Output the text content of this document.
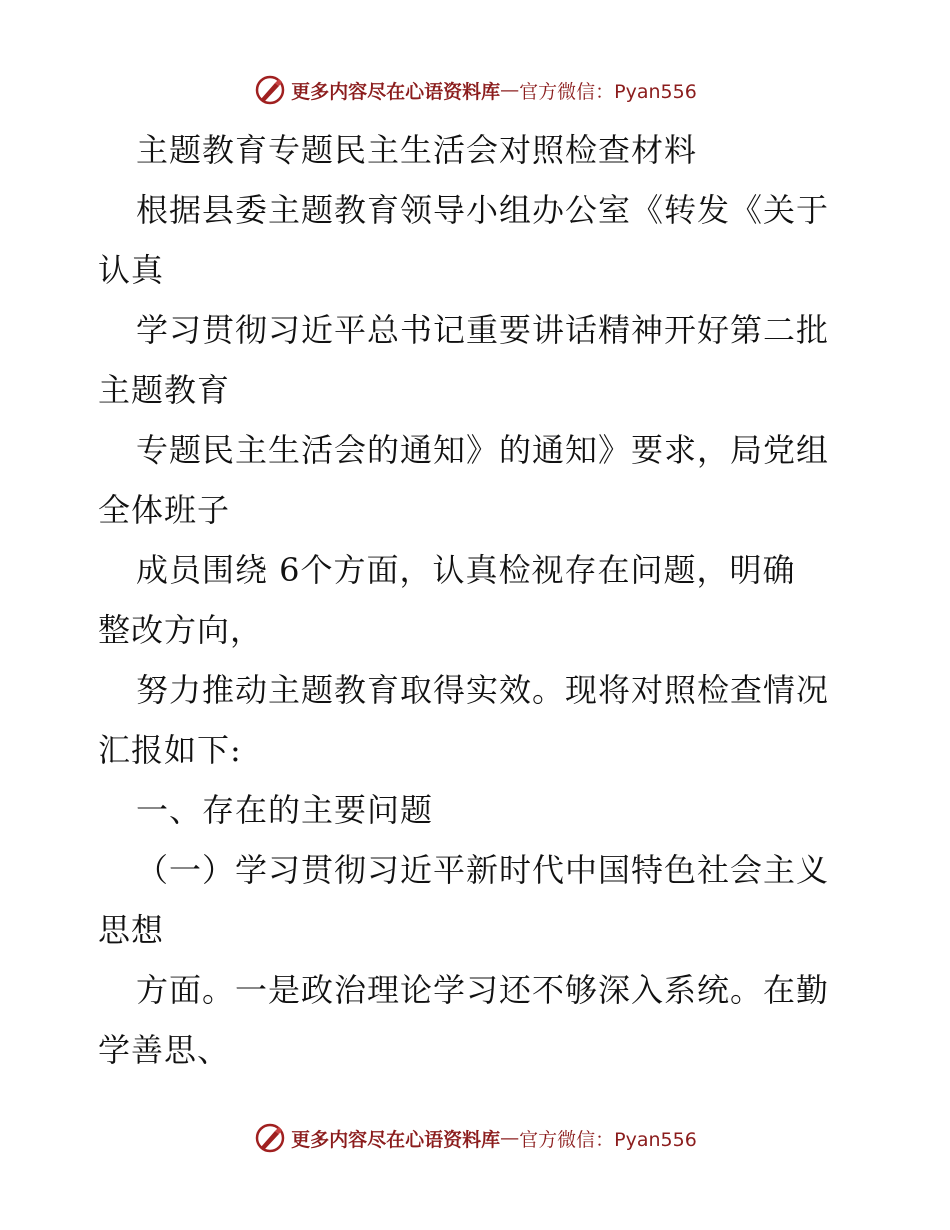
更多内容尽在心语资料库 — 官方微信：Pyan556
主题教育专题民主生活会对照检查材料
根据县委主题教育领导小组办公室《转发《关于
认真
学习贯彻习近平总书记重要讲话精神开好第二批
主题教育
专题民主生活会的通知》的通知》要求，局党组
全体班子
成员围绕 6个方面，认真检视存在问题，明确
整改方向，
努力推动主题教育取得实效。现将对照检查情况
汇报如下:
一、存在的主要问题
（一）学习贯彻习近平新时代中国特色社会主义
思想
方面。一是政治理论学习还不够深入系统。在勤
学善思、
更多内容尽在心语资料库 — 官方微信：Pyan556
